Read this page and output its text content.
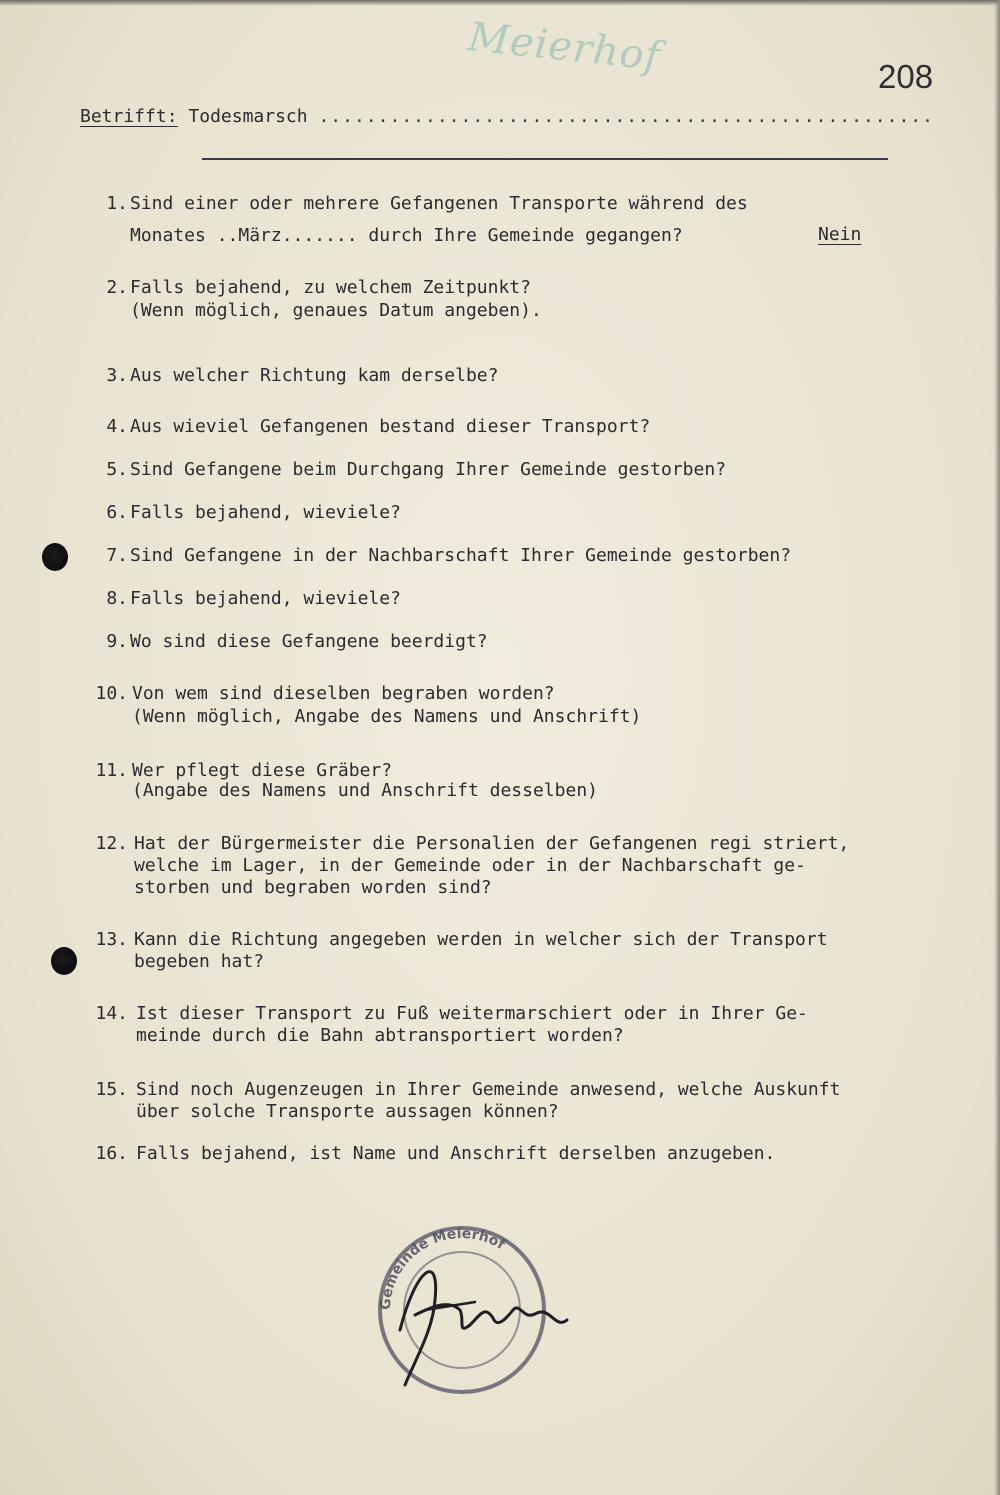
Meierhof	208
Betrifft: Todesmarsch ....................................................
1. Sind einer oder mehrere Gefangenen Transporte während des
Monates ..März....... durch Ihre Gemeinde gegangen?	Nein
2. Falls bejahend, zu welchem Zeitpunkt?
(Wenn möglich, genaues Datum angeben).
3. Aus welcher Richtung kam derselbe?
4. Aus wieviel Gefangenen bestand dieser Transport?
5. Sind Gefangene beim Durchgang Ihrer Gemeinde gestorben?
6. Falls bejahend, wieviele?
7. Sind Gefangene in der Nachbarschaft Ihrer Gemeinde gestorben?
8. Falls bejahend, wieviele?
9. Wo sind diese Gefangene beerdigt?
10. Von wem sind dieselben begraben worden?
(Wenn möglich, Angabe des Namens und Anschrift)
11. Wer pflegt diese Gräber?
(Angabe des Namens und Anschrift desselben)
12. Hat der Bürgermeister die Personalien der Gefangenen regi striert,
welche im Lager, in der Gemeinde oder in der Nachbarschaft ge-
storben und begraben worden sind?
13. Kann die Richtung angegeben werden in welcher sich der Transport
begeben hat?
14. Ist dieser Transport zu Fuß weitermarschiert oder in Ihrer Ge-
meinde durch die Bahn abtransportiert worden?
15. Sind noch Augenzeugen in Ihrer Gemeinde anwesend, welche Auskunft
über solche Transporte aussagen können?
16. Falls bejahend, ist Name und Anschrift derselben anzugeben.
Gemeinde Meierhof
